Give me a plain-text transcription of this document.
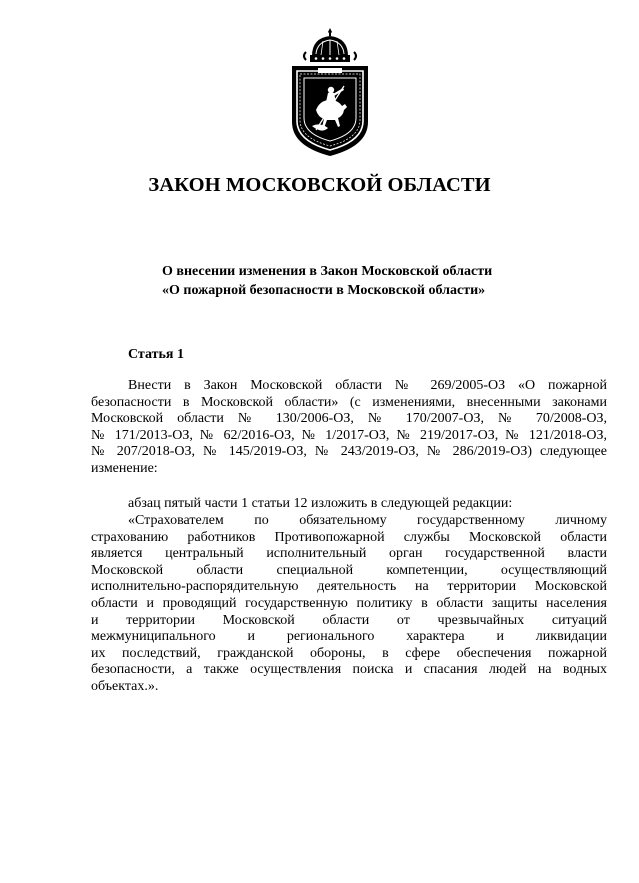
ЗАКОН МОСКОВСКОЙ ОБЛАСТИ
О внесении изменения в Закон Московской области
«О пожарной безопасности в Московской области»
Статья 1
Внести в Закон Московской области № 269/2005-ОЗ «О пожарной
безопасности в Московской области» (с изменениями, внесенными законами
Московской области № 130/2006-ОЗ, № 170/2007-ОЗ, № 70/2008-ОЗ,
№ 171/2013-ОЗ, № 62/2016-ОЗ, № 1/2017-ОЗ, № 219/2017-ОЗ, № 121/2018-ОЗ,
№ 207/2018-ОЗ, № 145/2019-ОЗ, № 243/2019-ОЗ, № 286/2019-ОЗ) следующее
изменение:
абзац пятый части 1 статьи 12 изложить в следующей редакции:
«Страхователем по обязательному государственному личному
страхованию работников Противопожарной службы Московской области
является центральный исполнительный орган государственной власти
Московской области специальной компетенции, осуществляющий
исполнительно-распорядительную деятельность на территории Московской
области и проводящий государственную политику в области защиты населения
и территории Московской области от чрезвычайных ситуаций
межмуниципального и регионального характера и ликвидации
их последствий, гражданской обороны, в сфере обеспечения пожарной
безопасности, а также осуществления поиска и спасания людей на водных
объектах.».
